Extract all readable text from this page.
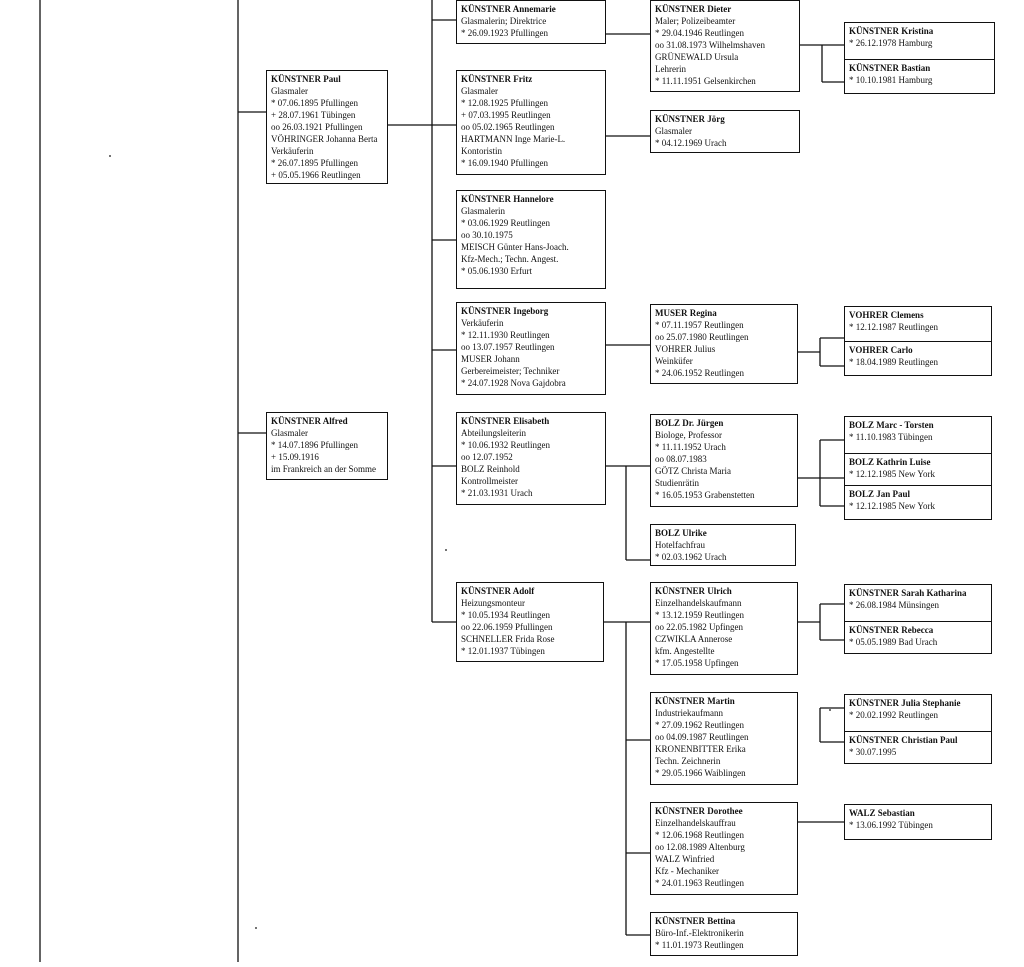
KÜNSTNER Paul
Glasmaler
* 07.06.1895 Pfullingen
+ 28.07.1961 Tübingen
oo 26.03.1921 Pfullingen
VÖHRINGER Johanna Berta
Verkäuferin
* 26.07.1895 Pfullingen
+ 05.05.1966 Reutlingen
KÜNSTNER Alfred
Glasmaler
* 14.07.1896 Pfullingen
+ 15.09.1916
im Frankreich an der Somme
KÜNSTNER Annemarie
Glasmalerin; Direktrice
* 26.09.1923 Pfullingen
KÜNSTNER Fritz
Glasmaler
* 12.08.1925 Pfullingen
+ 07.03.1995 Reutlingen
oo 05.02.1965 Reutlingen
HARTMANN Inge Marie-L.
Kontoristin
* 16.09.1940 Pfullingen
KÜNSTNER Hannelore
Glasmalerin
* 03.06.1929 Reutlingen
oo 30.10.1975
MEISCH Günter Hans-Joach.
Kfz-Mech.; Techn. Angest.
* 05.06.1930 Erfurt
KÜNSTNER Ingeborg
Verkäuferin
* 12.11.1930 Reutlingen
oo 13.07.1957 Reutlingen
MUSER Johann
Gerbereimeister; Techniker
* 24.07.1928 Nova Gajdobra
KÜNSTNER Elisabeth
Abteilungsleiterin
* 10.06.1932 Reutlingen
oo 12.07.1952
BOLZ Reinhold
Kontrollmeister
* 21.03.1931 Urach
KÜNSTNER Adolf
Heizungsmonteur
* 10.05.1934 Reutlingen
oo 22.06.1959 Pfullingen
SCHNELLER Frida Rose
* 12.01.1937 Tübingen
KÜNSTNER Dieter
Maler; Polizeibeamter
* 29.04.1946 Reutlingen
oo 31.08.1973 Wilhelmshaven
GRÜNEWALD Ursula
Lehrerin
* 11.11.1951 Gelsenkirchen
KÜNSTNER Jörg
Glasmaler
* 04.12.1969 Urach
MUSER Regina
* 07.11.1957 Reutlingen
oo 25.07.1980 Reutlingen
VOHRER Julius
Weinküfer
* 24.06.1952 Reutlingen
BOLZ Dr. Jürgen
Biologe, Professor
* 11.11.1952 Urach
oo 08.07.1983
GÖTZ Christa Maria
Studienrätin
* 16.05.1953 Grabenstetten
BOLZ Ulrike
Hotelfachfrau
* 02.03.1962 Urach
KÜNSTNER Ulrich
Einzelhandelskaufmann
* 13.12.1959 Reutlingen
oo 22.05.1982 Upfingen
CZWIKLA Annerose
kfm. Angestellte
* 17.05.1958 Upfingen
KÜNSTNER Martin
Industriekaufmann
* 27.09.1962 Reutlingen
oo 04.09.1987 Reutlingen
KRONENBITTER Erika
Techn. Zeichnerin
* 29.05.1966 Waiblingen
KÜNSTNER Dorothee
Einzelhandelskauffrau
* 12.06.1968 Reutlingen
oo 12.08.1989 Altenburg
WALZ Winfried
Kfz - Mechaniker
* 24.01.1963 Reutlingen
KÜNSTNER Bettina
Büro-Inf.-Elektronikerin
* 11.01.1973 Reutlingen
KÜNSTNER Kristina
* 26.12.1978 Hamburg
KÜNSTNER Bastian
* 10.10.1981 Hamburg
VOHRER Clemens
* 12.12.1987 Reutlingen
VOHRER Carlo
* 18.04.1989 Reutlingen
BOLZ Marc - Torsten
* 11.10.1983 Tübingen
BOLZ Kathrin Luise
* 12.12.1985 New York
BOLZ Jan Paul
* 12.12.1985 New York
KÜNSTNER Sarah Katharina
* 26.08.1984 Münsingen
KÜNSTNER Rebecca
* 05.05.1989 Bad Urach
KÜNSTNER Julia Stephanie
* 20.02.1992 Reutlingen
KÜNSTNER Christian Paul
* 30.07.1995
WALZ Sebastian
* 13.06.1992 Tübingen
